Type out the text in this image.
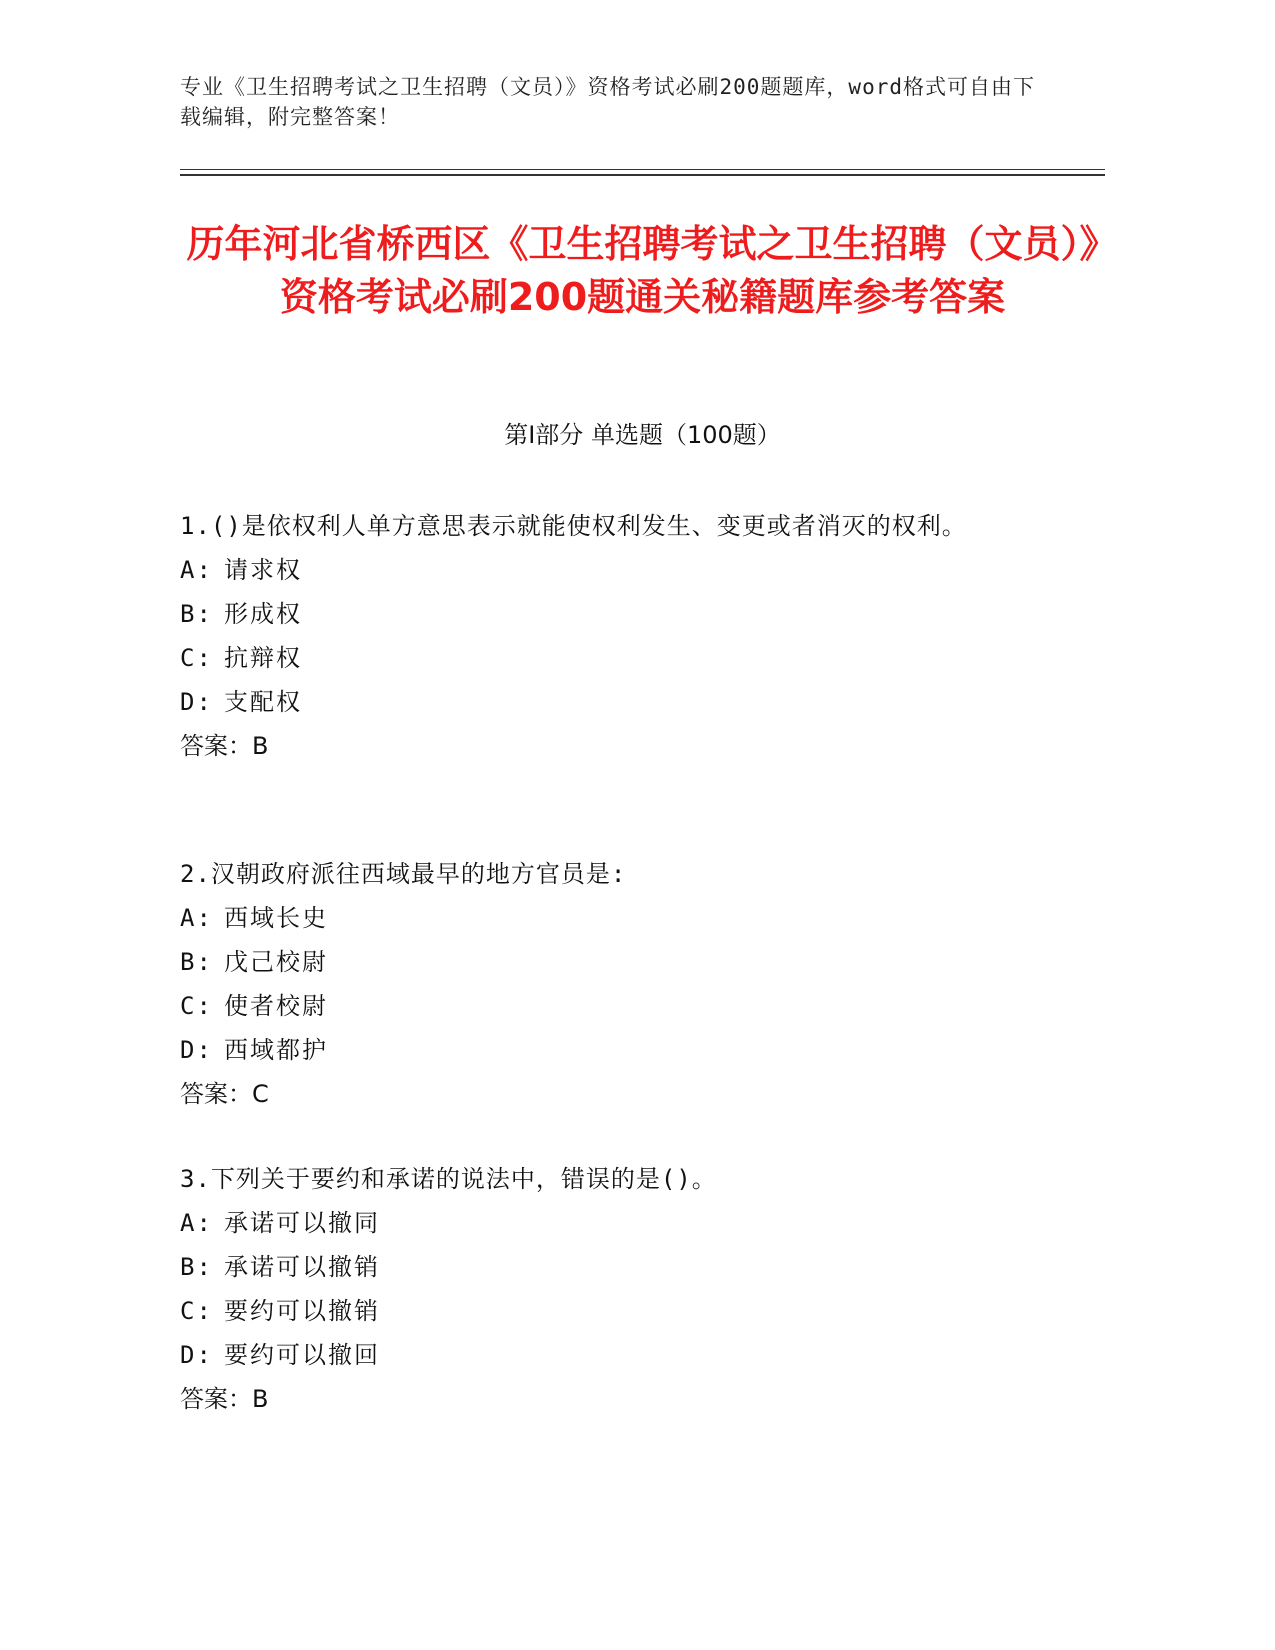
专业《卫生招聘考试之卫生招聘（文员）》资格考试必刷200题题库，word格式可自由下载编辑，附完整答案！
历年河北省桥西区《卫生招聘考试之卫生招聘（文员）》资格考试必刷200题通关秘籍题库参考答案
第Ⅰ部分 单选题（100题）

1.()是依权利人单方意思表示就能使权利发生、变更或者消灭的权利。

A: 请求权

B: 形成权

C: 抗辩权

D: 支配权

答案：B

2.汉朝政府派往西域最早的地方官员是:

A: 西域长史

B: 戊己校尉

C: 使者校尉

D: 西域都护

答案：C

3.下列关于要约和承诺的说法中，错误的是()。

A: 承诺可以撤同

B: 承诺可以撤销

C: 要约可以撤销

D: 要约可以撤回

答案：B
